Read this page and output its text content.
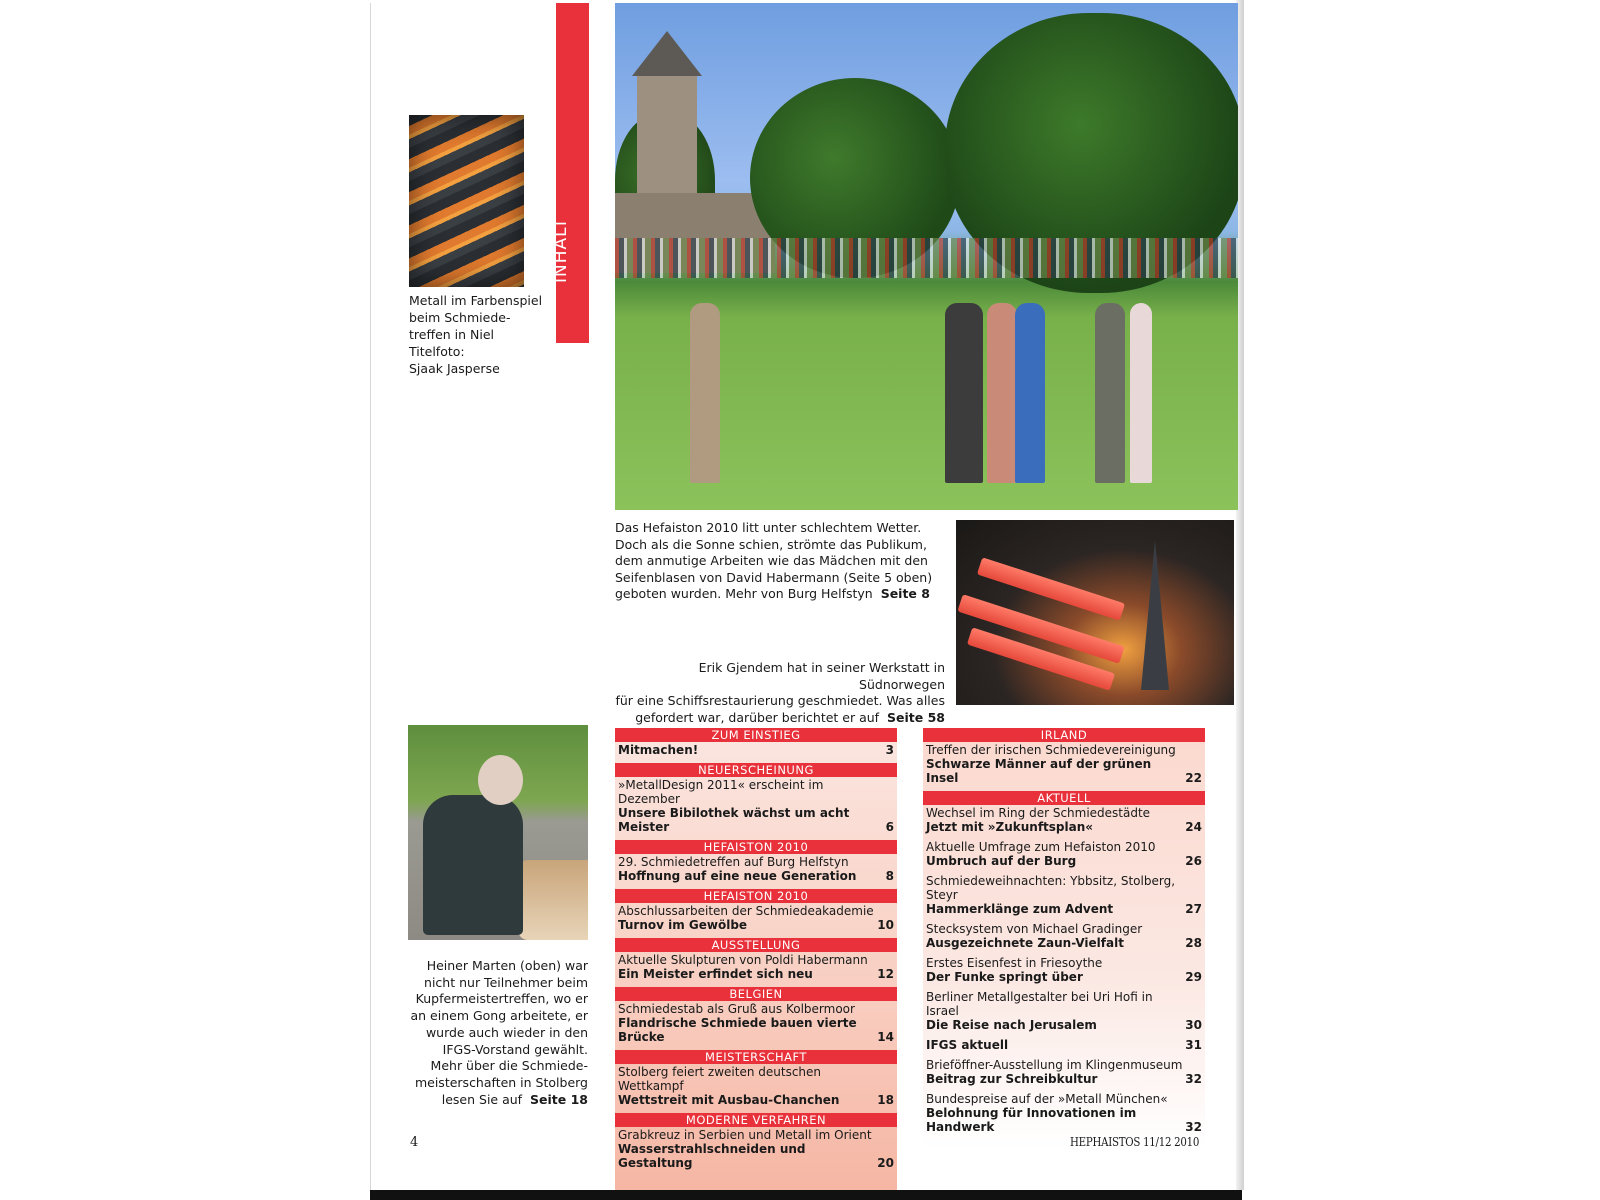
INHALT
Metall im Farbenspiel
beim Schmiede-
treffen in Niel
Titelfoto:
Sjaak Jasperse
Das Hefaiston 2010 litt unter schlechtem Wetter.
Doch als die Sonne schien, strömte das Publikum,
dem anmutige Arbeiten wie das Mädchen mit den
Seifenblasen von David Habermann (Seite 5 oben)
geboten wurden. Mehr von Burg Helfstyn Seite 8
Erik Gjendem hat in seiner Werkstatt in Südnorwegen
für eine Schiffsrestaurierung geschmiedet. Was alles
gefordert war, darüber berichtet er auf Seite 58
Heiner Marten (oben) war
nicht nur Teilnehmer beim
Kupfermeistertreffen, wo er
an einem Gong arbeitete, er
wurde auch wieder in den
IFGS-Vorstand gewählt.
Mehr über die Schmiede-
meisterschaften in Stolberg
lesen Sie auf Seite 18
ZUM EINSTIEG
Mitmachen!	3
NEUERSCHEINUNG
»MetallDesign 2011« erscheint im Dezember
Unsere Bibilothek wächst um acht Meister	6
HEFAISTON 2010
29. Schmiedetreffen auf Burg Helfstyn
Hoffnung auf eine neue Generation	8
HEFAISTON 2010
Abschlussarbeiten der Schmiedeakademie
Turnov im Gewölbe	10
AUSSTELLUNG
Aktuelle Skulpturen von Poldi Habermann
Ein Meister erfindet sich neu	12
BELGIEN
Schmiedestab als Gruß aus Kolbermoor
Flandrische Schmiede bauen vierte Brücke	14
MEISTERSCHAFT
Stolberg feiert zweiten deutschen Wettkampf
Wettstreit mit Ausbau-Chanchen	18
MODERNE VERFAHREN
Grabkreuz in Serbien und Metall im Orient
Wasserstrahlschneiden und Gestaltung	20
IRLAND
Treffen der irischen Schmiedevereinigung
Schwarze Männer auf der grünen Insel	22
AKTUELL
Wechsel im Ring der Schmiedestädte
Jetzt mit »Zukunftsplan«	24
Aktuelle Umfrage zum Hefaiston 2010
Umbruch auf der Burg	26
Schmiedeweihnachten: Ybbsitz, Stolberg, Steyr
Hammerklänge zum Advent	27
Stecksystem von Michael Gradinger
Ausgezeichnete Zaun-Vielfalt	28
Erstes Eisenfest in Friesoythe
Der Funke springt über	29
Berliner Metallgestalter bei Uri Hofi in Israel
Die Reise nach Jerusalem	30
IFGS aktuell	31
Brieföffner-Ausstellung im Klingenmuseum
Beitrag zur Schreibkultur	32
Bundespreise auf der »Metall München«
Belohnung für Innovationen im Handwerk	32
4	HEPHAISTOS 11/12 2010
